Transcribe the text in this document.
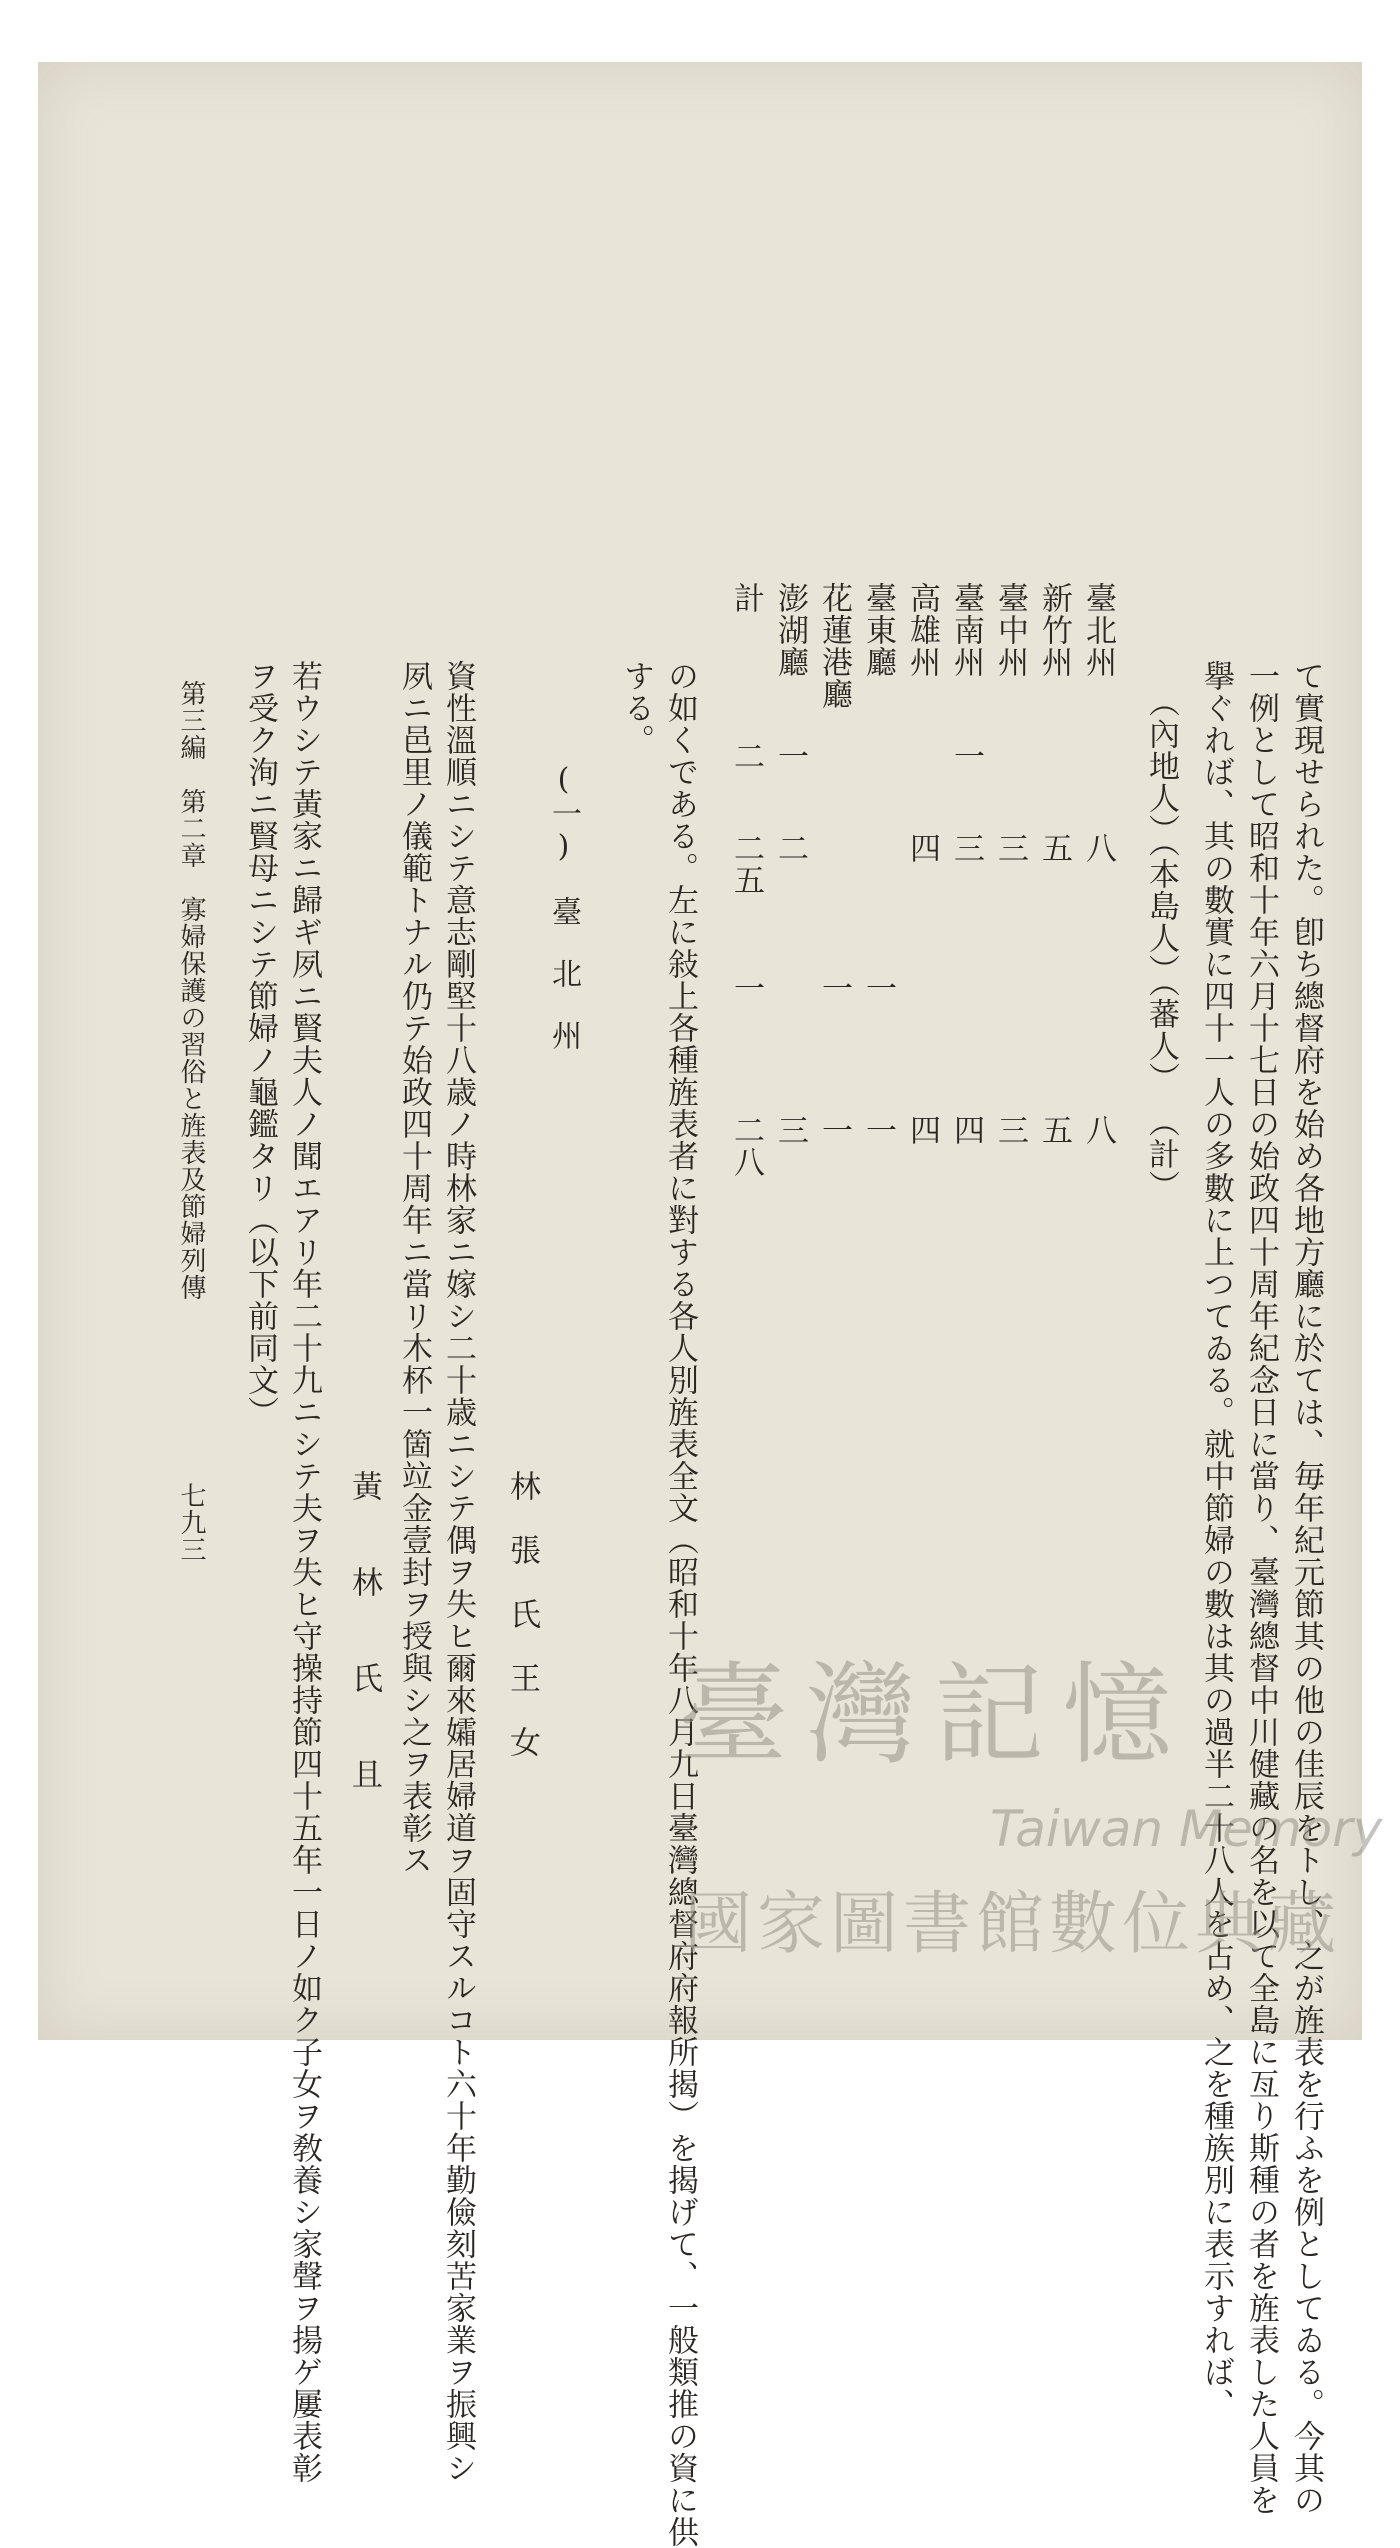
て實現せられた。卽ち總督府を始め各地方廳に於ては、毎年紀元節其の他の佳辰をトし、之が旌表を行ふを例としてゐる。今其の
一例として昭和十年六月十七日の始政四十周年紀念日に當り、臺灣總督中川健藏の名を以て全島に亙り斯種の者を旌表した人員を
擧ぐれば、其の數實に四十一人の多數に上つてゐる。就中節婦の數は其の過半二十八人を占め、之を種族別に表示すれば、
（內地人）
（本島人）
（蕃人）
（計）
臺北州
八
八
新竹州
五
五
臺中州
三
三
臺南州
一
三
四
高雄州
四
四
臺東廳
一
一
花蓮港廳
一
一
澎湖廳
一
二
三
計
二
二五
一
二八
の如くである。左に敍上各種旌表者に對する各人別旌表全文（昭和十年八月九日臺灣總督府府報所揭）を揭げて、一般類推の資に供
する。
(一)　臺　北　州
林　張　氏　王　女
資性溫順ニシテ意志剛堅十八歳ノ時林家ニ嫁シ二十歳ニシテ偶ヲ失ヒ爾來孀居婦道ヲ固守スルコト六十年勤儉刻苦家業ヲ振興シ
夙ニ邑里ノ儀範トナル仍テ始政四十周年ニ當リ木杯一箇竝金壹封ヲ授與シ之ヲ表彰ス
黃　　林　　氏　　且
若ウシテ黃家ニ歸ギ夙ニ賢夫人ノ聞エアリ年二十九ニシテ夫ヲ失ヒ守操持節四十五年一日ノ如ク子女ヲ敎養シ家聲ヲ揚ゲ屢表彰
ヲ受ク洵ニ賢母ニシテ節婦ノ龜鑑タリ（以下前同文）
第三編　第二章　寡婦保護の習俗と旌表及節婦列傳
七九三
臺灣記憶
Taiwan Memory
國家圖書館數位典藏
